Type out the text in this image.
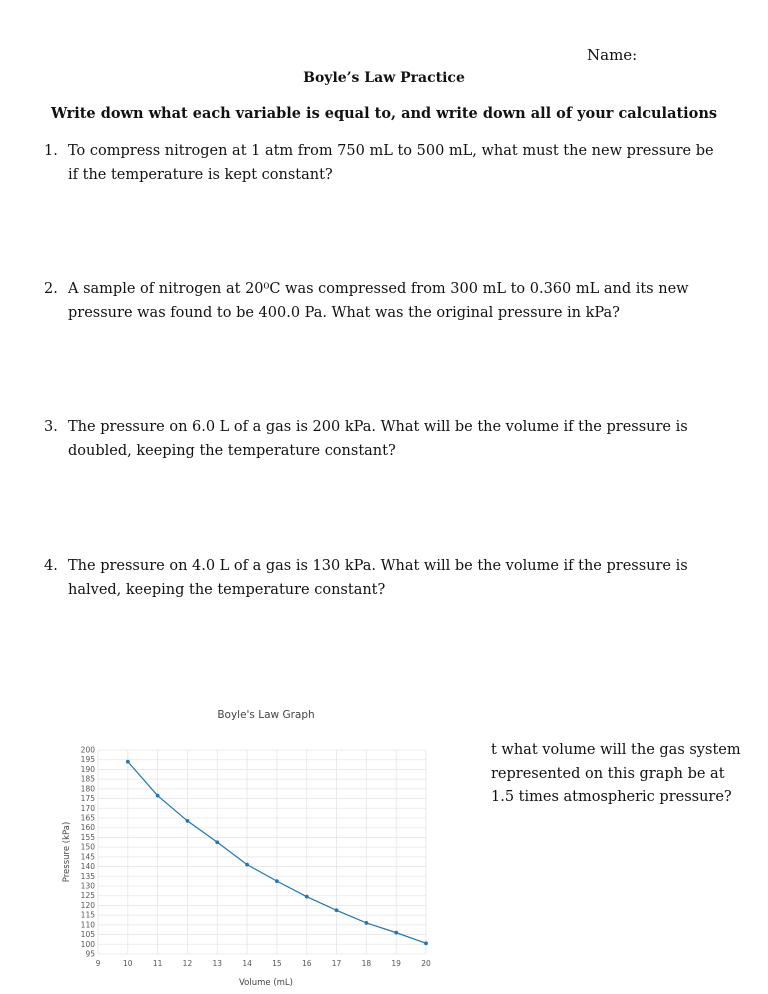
Name:
Boyle’s Law Practice
Write down what each variable is equal to, and write down all of your calculations
1. To compress nitrogen at 1 atm from 750 mL to 500 mL, what must the new pressure be if the temperature is kept constant?
2. A sample of nitrogen at 20⁰C was compressed from 300 mL to 0.360 mL and its new pressure was found to be 400.0 Pa. What was the original pressure in kPa?
3. The pressure on 6.0 L of a gas is 200 kPa. What will be the volume if the pressure is doubled, keeping the temperature constant?
4. The pressure on 4.0 L of a gas is 130 kPa. What will be the volume if the pressure is halved, keeping the temperature constant?
Boyle's Law Graph
95
100
105
110
115
120
125
130
135
140
145
150
155
160
165
170
175
180
185
190
195
200
9	10	11	12	13	14	15	16	17	18	19	20
Volume (mL)
Pressure (kPa)
t what volume will the gas system represented on this graph be at 1.5 times atmospheric pressure?
